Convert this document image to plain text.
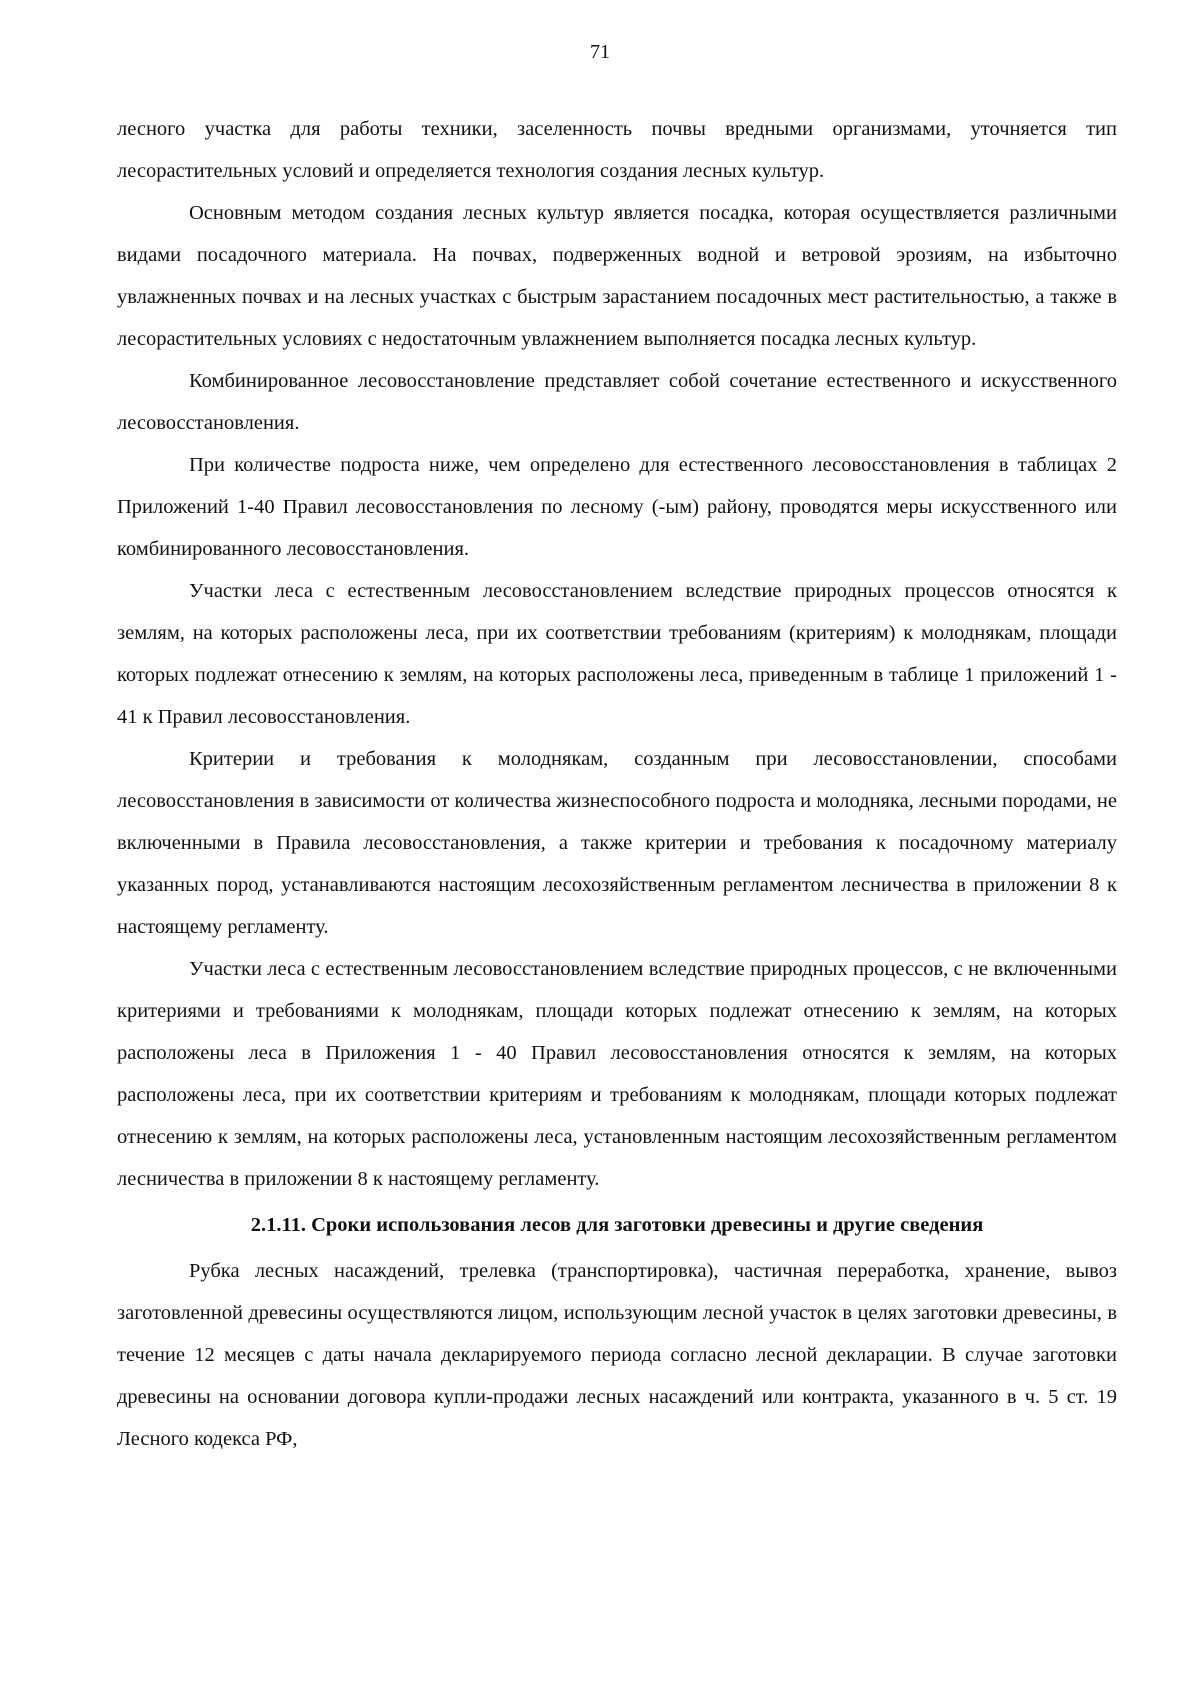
71

лесного участка для работы техники, заселенность почвы вредными организмами, уточняется тип лесорастительных условий и определяется технология создания лесных культур.

Основным методом создания лесных культур является посадка, которая осуществляется различными видами посадочного материала. На почвах, подверженных водной и ветровой эрозиям, на избыточно увлажненных почвах и на лесных участках с быстрым зарастанием посадочных мест растительностью, а также в лесорастительных условиях с недостаточным увлажнением выполняется посадка лесных культур.

Комбинированное лесовосстановление представляет собой сочетание естественного и искусственного лесовосстановления.

При количестве подроста ниже, чем определено для естественного лесовосстановления в таблицах 2 Приложений 1-40 Правил лесовосстановления по лесному (-ым) району, проводятся меры искусственного или комбинированного лесовосстановления.

Участки леса с естественным лесовосстановлением вследствие природных процессов относятся к землям, на которых расположены леса, при их соответствии требованиям (критериям) к молоднякам, площади которых подлежат отнесению к землям, на которых расположены леса, приведенным в таблице 1 приложений 1 - 41 к Правил лесовосстановления.

Критерии и требования к молоднякам, созданным при лесовосстановлении, способами лесовосстановления в зависимости от количества жизнеспособного подроста и молодняка, лесными породами, не включенными в Правила лесовосстановления, а также критерии и требования к посадочному материалу указанных пород, устанавливаются настоящим лесохозяйственным регламентом лесничества в приложении 8 к настоящему регламенту.

Участки леса с естественным лесовосстановлением вследствие природных процессов, с не включенными критериями и требованиями к молоднякам, площади которых подлежат отнесению к землям, на которых расположены леса в Приложения 1 - 40 Правил лесовосстановления относятся к землям, на которых расположены леса, при их соответствии критериям и требованиям к молоднякам, площади которых подлежат отнесению к землям, на которых расположены леса, установленным настоящим лесохозяйственным регламентом лесничества в приложении 8 к настоящему регламенту.

2.1.11. Сроки использования лесов для заготовки древесины и другие сведения

Рубка лесных насаждений, трелевка (транспортировка), частичная переработка, хранение, вывоз заготовленной древесины осуществляются лицом, использующим лесной участок в целях заготовки древесины, в течение 12 месяцев с даты начала декларируемого периода согласно лесной декларации. В случае заготовки древесины на основании договора купли-продажи лесных насаждений или контракта, указанного в ч. 5 ст. 19 Лесного кодекса РФ,
